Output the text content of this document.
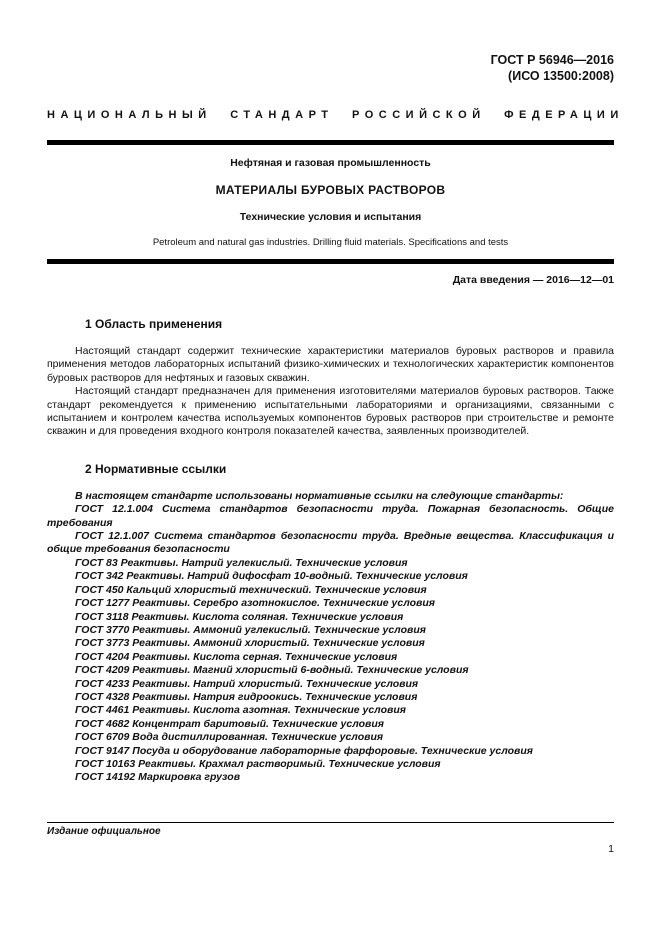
ГОСТ Р 56946—2016
(ИСО 13500:2008)
НАЦИОНАЛЬНЫЙ СТАНДАРТ РОССИЙСКОЙ ФЕДЕРАЦИИ
Нефтяная и газовая промышленность
МАТЕРИАЛЫ БУРОВЫХ РАСТВОРОВ
Технические условия и испытания
Petroleum and natural gas industries. Drilling fluid materials. Specifications and tests
Дата введения — 2016—12—01
1 Область применения

Настоящий стандарт содержит технические характеристики материалов буровых растворов и правила применения методов лабораторных испытаний физико-химических и технологических характеристик компонентов буровых растворов для нефтяных и газовых скважин.

Настоящий стандарт предназначен для применения изготовителями материалов буровых растворов. Также стандарт рекомендуется к применению испытательными лабораториями и организациями, связанными с испытанием и контролем качества используемых компонентов буровых растворов при строительстве и ремонте скважин и для проведения входного контроля показателей качества, заявленных производителей.

2 Нормативные ссылки

В настоящем стандарте использованы нормативные ссылки на следующие стандарты:

ГОСТ 12.1.004 Система стандартов безопасности труда. Пожарная безопасность. Общие требования

ГОСТ 12.1.007 Система стандартов безопасности труда. Вредные вещества. Классификация и общие требования безопасности

ГОСТ 83 Реактивы. Натрий углекислый. Технические условия

ГОСТ 342 Реактивы. Натрий дифосфат 10-водный. Технические условия

ГОСТ 450 Кальций хлористый технический. Технические условия

ГОСТ 1277 Реактивы. Серебро азотнокислое. Технические условия

ГОСТ 3118 Реактивы. Кислота соляная. Технические условия

ГОСТ 3770 Реактивы. Аммоний углекислый. Технические условия

ГОСТ 3773 Реактивы. Аммоний хлористый. Технические условия

ГОСТ 4204 Реактивы. Кислота серная. Технические условия

ГОСТ 4209 Реактивы. Магний хлористый 6-водный. Технические условия

ГОСТ 4233 Реактивы. Натрий хлористый. Технические условия

ГОСТ 4328 Реактивы. Натрия гидроокись. Технические условия

ГОСТ 4461 Реактивы. Кислота азотная. Технические условия

ГОСТ 4682 Концентрат баритовый. Технические условия

ГОСТ 6709 Вода дистиллированная. Технические условия

ГОСТ 9147 Посуда и оборудование лабораторные фарфоровые. Технические условия

ГОСТ 10163 Реактивы. Крахмал растворимый. Технические условия

ГОСТ 14192 Маркировка грузов

Издание официальное
1
